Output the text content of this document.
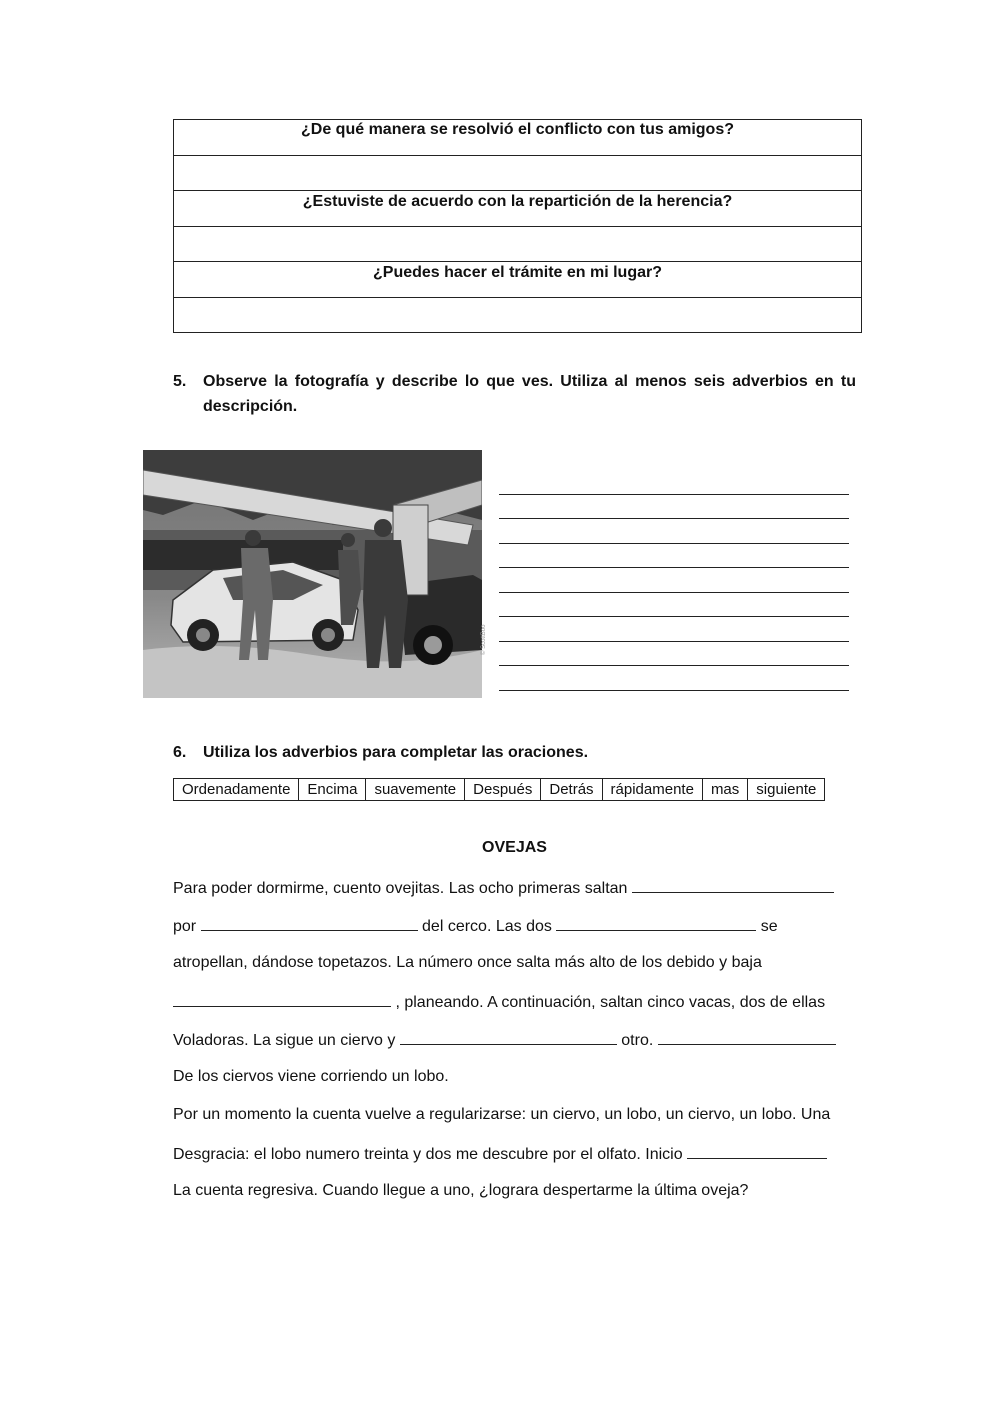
¿De qué manera se resolvió el conflicto con tus amigos?

¿Estuviste de acuerdo con la repartición de la herencia?

¿Puedes hacer el trámite en mi lugar?

5. Observe la fotografía y describe lo que ves. Utiliza al menos seis adverbios en tu
descripción.
© ScottBoo
6. Utiliza los adverbios para completar las oraciones.
Ordenadamente	Encima	suavemente	Después	Detrás	rápidamente	mas	siguiente
OVEJAS
Para poder dormirme, cuento ovejitas. Las ocho primeras saltan
por	del cerco. Las dos	se
atropellan, dándose topetazos. La número once salta más alto de los debido y baja
, planeando. A continuación, saltan cinco vacas, dos de ellas
Voladoras. La sigue un ciervo y	otro.
De los ciervos viene corriendo un lobo.
Por un momento la cuenta vuelve a regularizarse: un ciervo, un lobo, un ciervo, un lobo. Una
Desgracia: el lobo numero treinta y dos me descubre por el olfato. Inicio
La cuenta regresiva. Cuando llegue a uno, ¿lograra despertarme la última oveja?
